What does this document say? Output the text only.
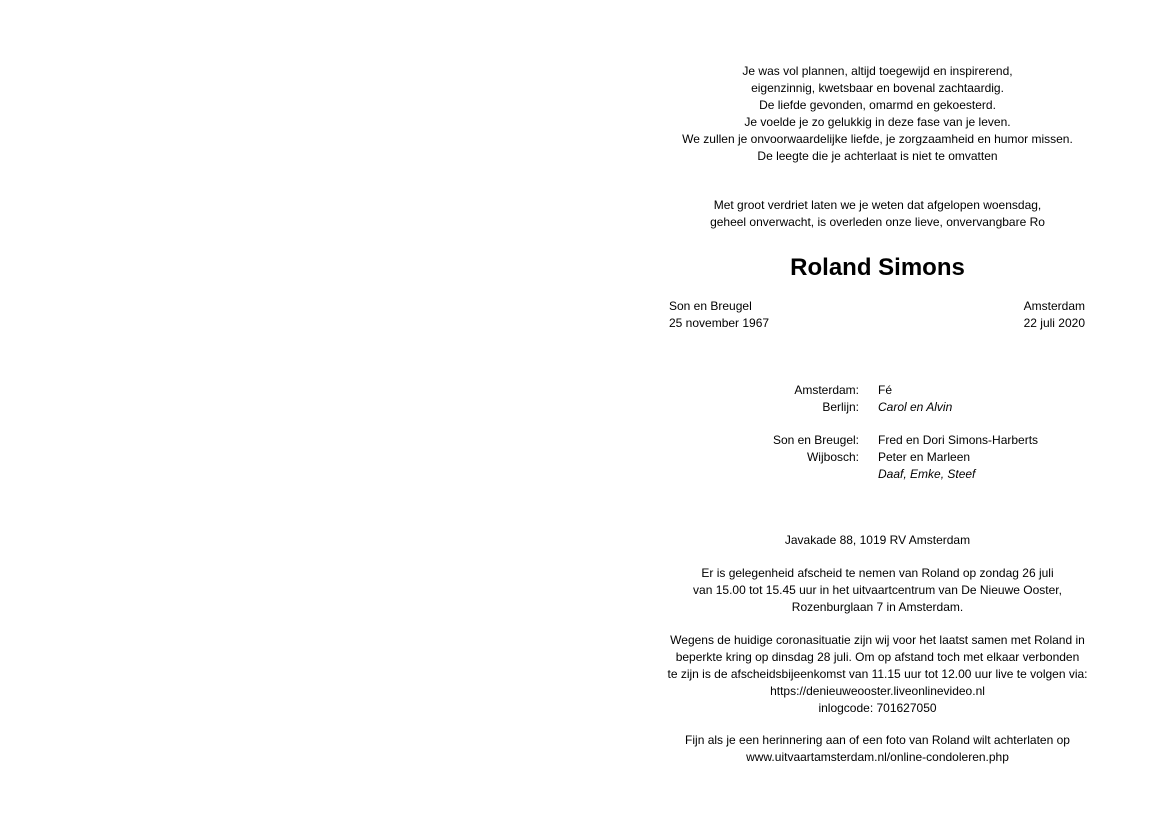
Je was vol plannen, altijd toegewijd en inspirerend,
eigenzinnig, kwetsbaar en bovenal zachtaardig.
De liefde gevonden, omarmd en gekoesterd.
Je voelde je zo gelukkig in deze fase van je leven.
We zullen je onvoorwaardelijke liefde, je zorgzaamheid en humor missen.
De leegte die je achterlaat is niet te omvatten
Met groot verdriet laten we je weten dat afgelopen woensdag,
geheel onverwacht, is overleden onze lieve, onvervangbare Ro
Roland Simons
Son en Breugel
25 november 1967
Amsterdam
22 juli 2020
Amsterdam: Fé
Berlijn: Carol en Alvin
Son en Breugel: Fred en Dori Simons-Harberts
Wijbosch: Peter en Marleen
Daaf, Emke, Steef
Javakade 88, 1019 RV Amsterdam
Er is gelegenheid afscheid te nemen van Roland op zondag 26 juli
van 15.00 tot 15.45 uur in het uitvaartcentrum van De Nieuwe Ooster,
Rozenburglaan 7 in Amsterdam.
Wegens de huidige coronasituatie zijn wij voor het laatst samen met Roland in
beperkte kring op dinsdag 28 juli. Om op afstand toch met elkaar verbonden
te zijn is de afscheidsbijeenkomst van 11.15 uur tot 12.00 uur live te volgen via:
https://denieuweooster.liveonlinevideo.nl
inlogcode: 701627050
Fijn als je een herinnering aan of een foto van Roland wilt achterlaten op
www.uitvaartamsterdam.nl/online-condoleren.php
